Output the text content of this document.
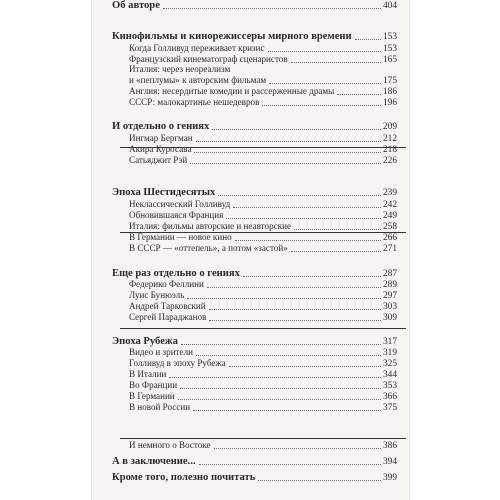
Кинофильмы и кинорежиссеры мирного времени	153
Когда Голливуд переживает кризис	153
Французский кинематограф сценаристов	165
Италия: через неореализм
и «пеплумы» к авторским фильмам	175
Англия: несердитые комедии и рассерженные драмы	186
СССР: малокартинье нешедевров	196
И отдельно о гениях	209
Ингмар Бергман	212
Акира Куросава	218
Сатьяджит Рэй	226
Эпоха Шестидесятых	239
Неклассический Голливуд	242
Обновившаяся Франция	249
Италия: фильмы авторские и неавторские	258
В Германии — новое кино	266
В СССР — «оттепель», а потом «застой»	271
Еще раз отдельно о гениях	287
Федерико Феллини	289
Луис Бунюэль	297
Андрей Тарковский	303
Сергей Параджанов	309
Эпоха Рубежа	317
Видео и зрители	319
Голливуд в эпоху Рубежа	325
В Италии	344
Во Франции	353
В Германии	366
В новой России	375
И немного о Востоке	386
А в заключение...	394
Кроме того, полезно почитать	399
Об авторе	404
